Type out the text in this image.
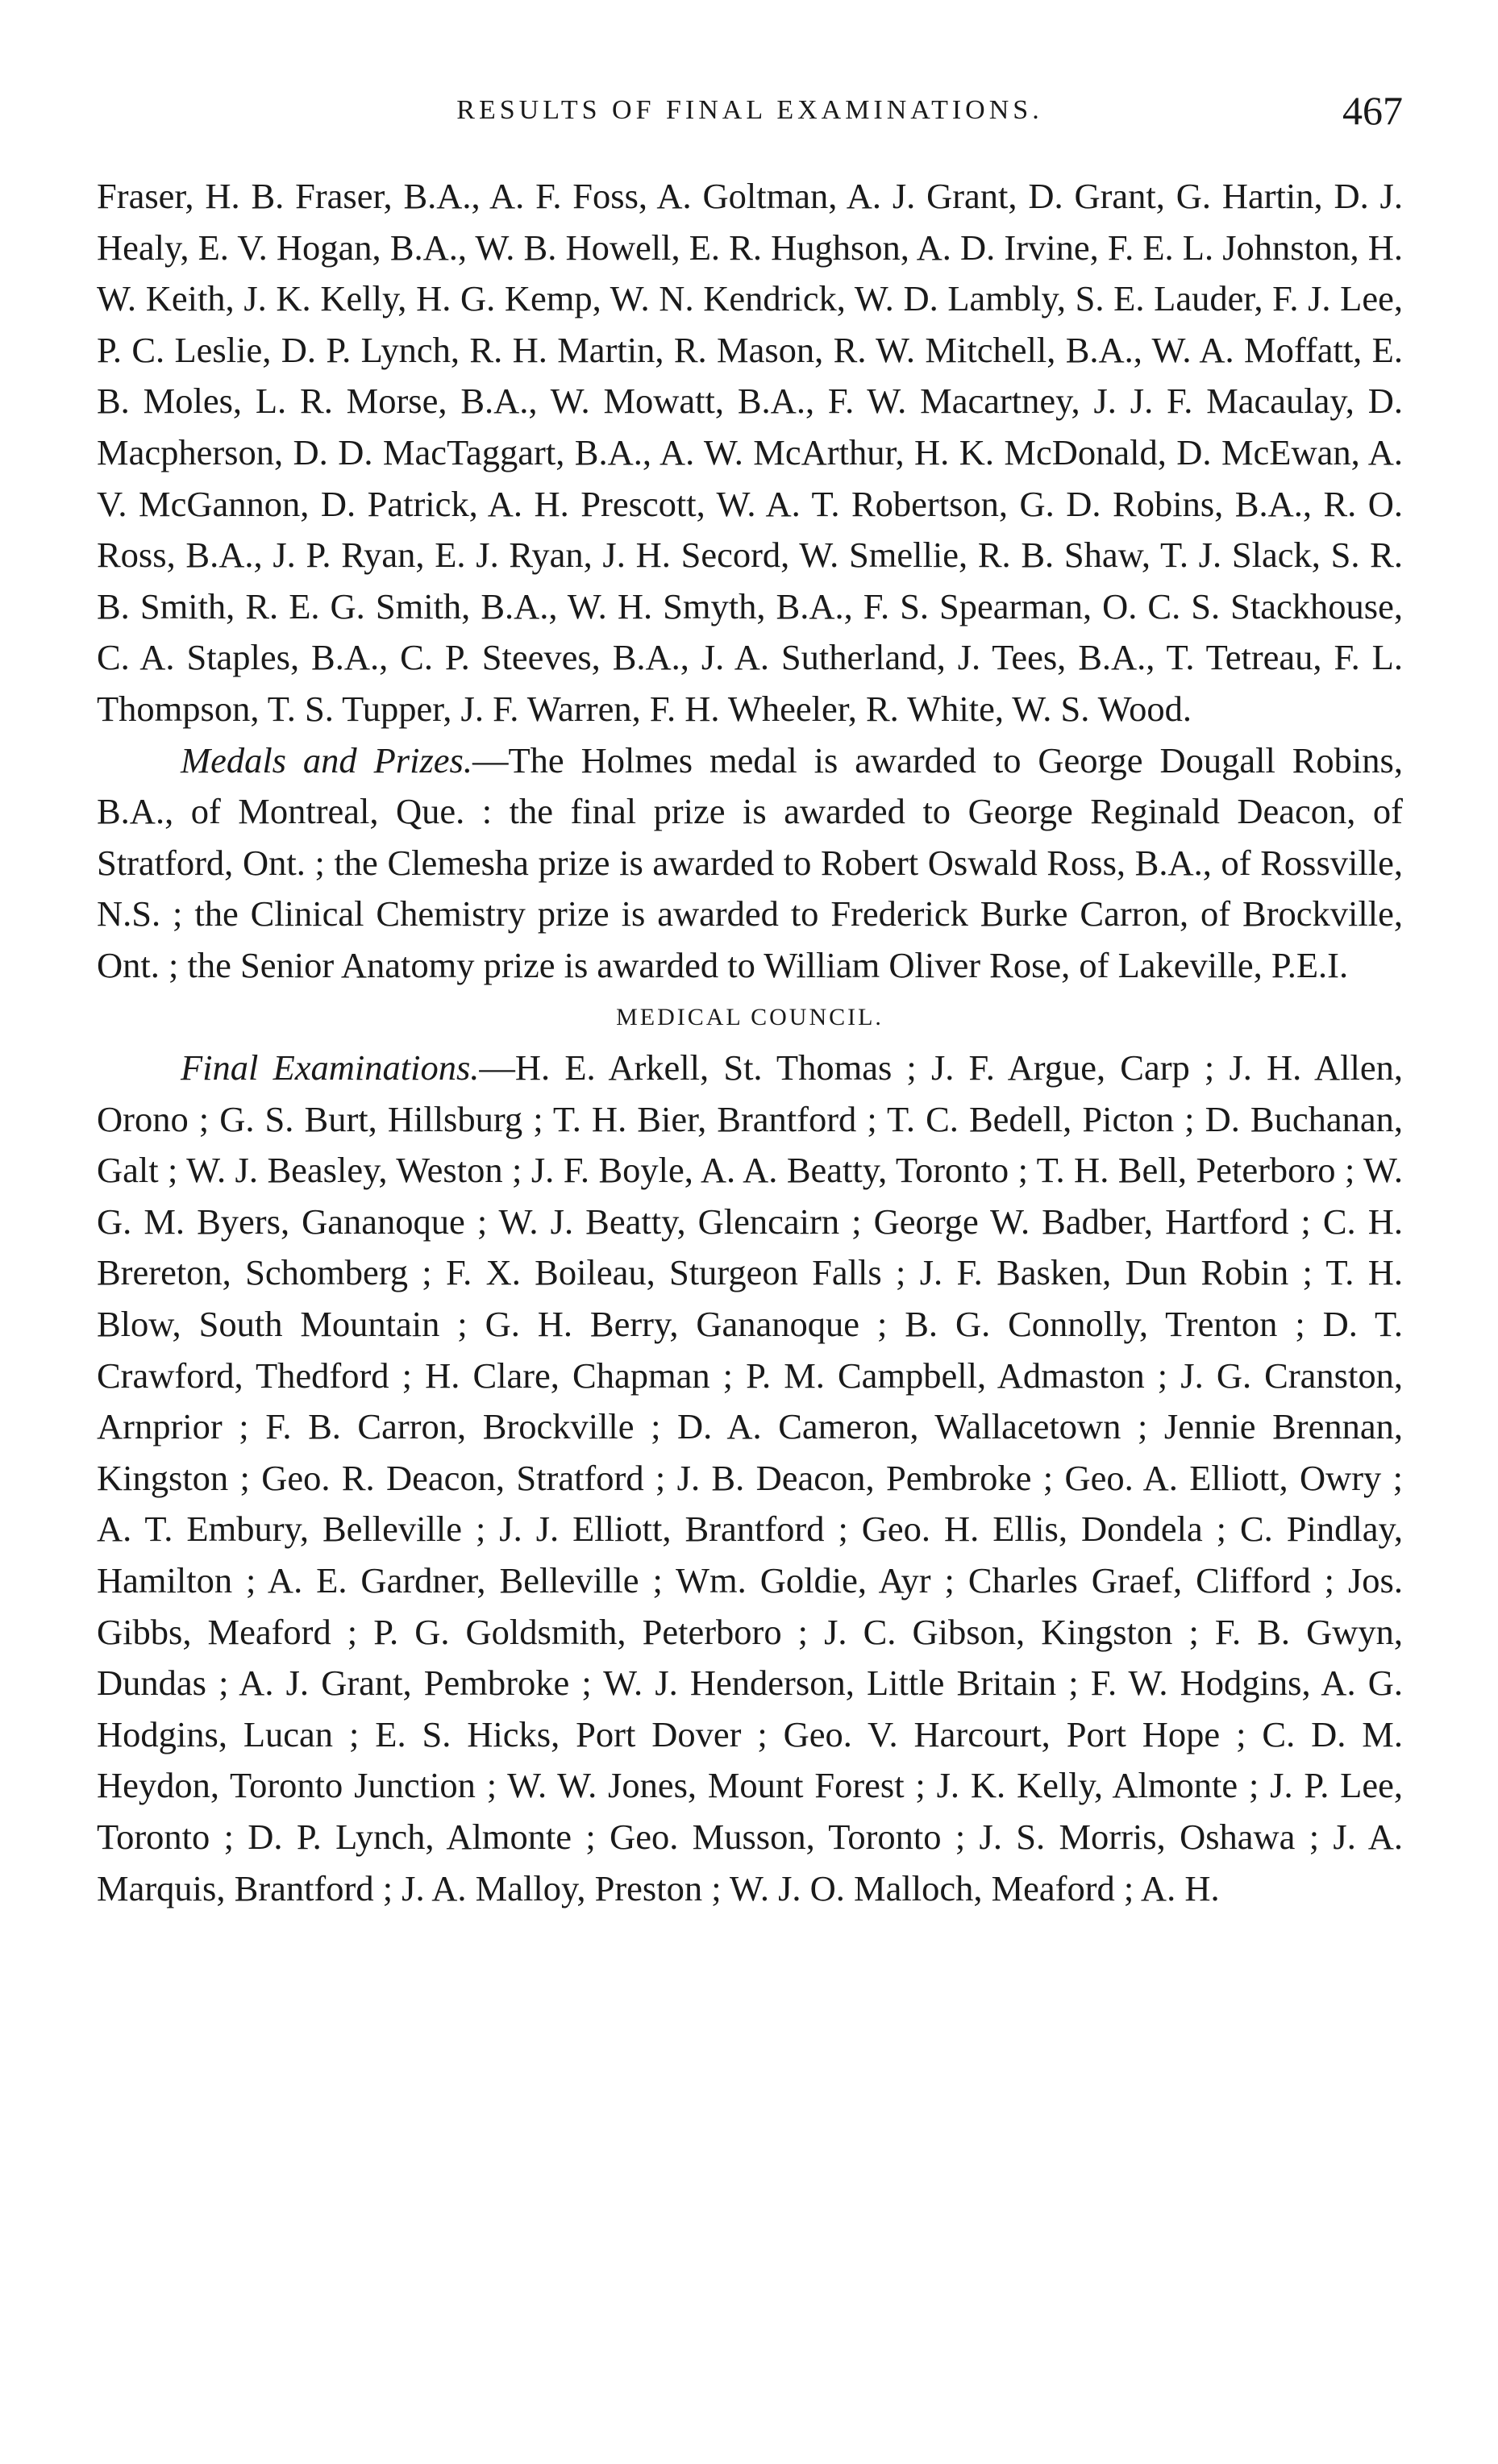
RESULTS OF FINAL EXAMINATIONS.	467

Fraser, H. B. Fraser, B.A., A. F. Foss, A. Goltman, A. J. Grant, D. Grant, G. Hartin, D. J. Healy, E. V. Hogan, B.A., W. B. Howell, E. R. Hughson, A. D. Irvine, F. E. L. Johnston, H. W. Keith, J. K. Kelly, H. G. Kemp, W. N. Kendrick, W. D. Lambly, S. E. Lauder, F. J. Lee, P. C. Leslie, D. P. Lynch, R. H. Martin, R. Mason, R. W. Mitchell, B.A., W. A. Moffatt, E. B. Moles, L. R. Morse, B.A., W. Mowatt, B.A., F. W. Macartney, J. J. F. Macaulay, D. Macpherson, D. D. MacTaggart, B.A., A. W. McArthur, H. K. McDonald, D. McEwan, A. V. McGannon, D. Patrick, A. H. Prescott, W. A. T. Robertson, G. D. Robins, B.A., R. O. Ross, B.A., J. P. Ryan, E. J. Ryan, J. H. Secord, W. Smellie, R. B. Shaw, T. J. Slack, S. R. B. Smith, R. E. G. Smith, B.A., W. H. Smyth, B.A., F. S. Spearman, O. C. S. Stackhouse, C. A. Staples, B.A., C. P. Steeves, B.A., J. A. Sutherland, J. Tees, B.A., T. Tetreau, F. L. Thompson, T. S. Tupper, J. F. Warren, F. H. Wheeler, R. White, W. S. Wood.

Medals and Prizes.—The Holmes medal is awarded to George Dougall Robins, B.A., of Montreal, Que. : the final prize is awarded to George Reginald Deacon, of Stratford, Ont. ; the Clemesha prize is awarded to Robert Oswald Ross, B.A., of Rossville, N.S. ; the Clinical Chemistry prize is awarded to Frederick Burke Carron, of Brockville, Ont. ; the Senior Anatomy prize is awarded to William Oliver Rose, of Lakeville, P.E.I.

MEDICAL COUNCIL.

Final Examinations.—H. E. Arkell, St. Thomas ; J. F. Argue, Carp ; J. H. Allen, Orono ; G. S. Burt, Hillsburg ; T. H. Bier, Brantford ; T. C. Bedell, Picton ; D. Buchanan, Galt ; W. J. Beasley, Weston ; J. F. Boyle, A. A. Beatty, Toronto ; T. H. Bell, Peterboro ; W. G. M. Byers, Gananoque ; W. J. Beatty, Glencairn ; George W. Badber, Hartford ; C. H. Brereton, Schomberg ; F. X. Boileau, Sturgeon Falls ; J. F. Basken, Dun Robin ; T. H. Blow, South Mountain ; G. H. Berry, Gananoque ; B. G. Connolly, Trenton ; D. T. Crawford, Thedford ; H. Clare, Chapman ; P. M. Campbell, Admaston ; J. G. Cranston, Arnprior ; F. B. Carron, Brockville ; D. A. Cameron, Wallacetown ; Jennie Brennan, Kingston ; Geo. R. Deacon, Stratford ; J. B. Deacon, Pembroke ; Geo. A. Elliott, Owry ; A. T. Embury, Belleville ; J. J. Elliott, Brantford ; Geo. H. Ellis, Dondela ; C. Pindlay, Hamilton ; A. E. Gardner, Belleville ; Wm. Goldie, Ayr ; Charles Graef, Clifford ; Jos. Gibbs, Meaford ; P. G. Goldsmith, Peterboro ; J. C. Gibson, Kingston ; F. B. Gwyn, Dundas ; A. J. Grant, Pembroke ; W. J. Henderson, Little Britain ; F. W. Hodgins, A. G. Hodgins, Lucan ; E. S. Hicks, Port Dover ; Geo. V. Harcourt, Port Hope ; C. D. M. Heydon, Toronto Junction ; W. W. Jones, Mount Forest ; J. K. Kelly, Almonte ; J. P. Lee, Toronto ; D. P. Lynch, Almonte ; Geo. Musson, Toronto ; J. S. Morris, Oshawa ; J. A. Marquis, Brantford ; J. A. Malloy, Preston ; W. J. O. Malloch, Meaford ; A. H.
